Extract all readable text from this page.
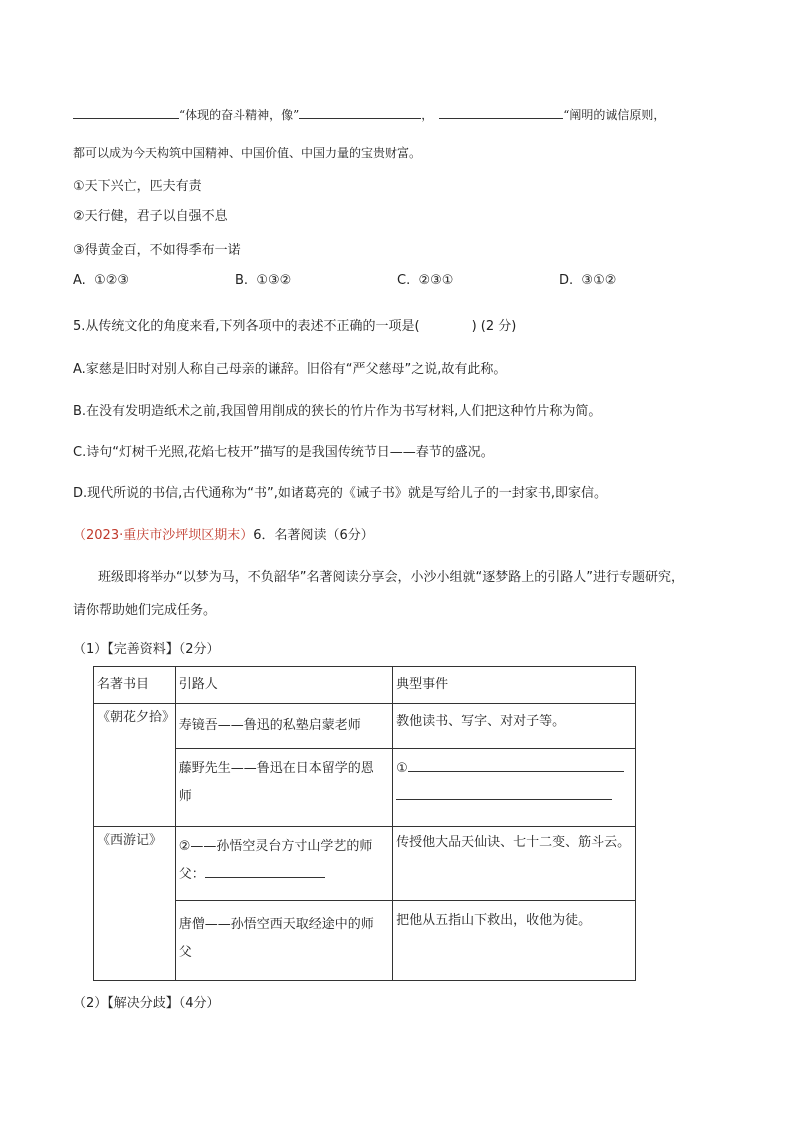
“体现的奋斗精神，像”	，	“阐明的诚信原则，
都可以成为今天构筑中国精神、中国价值、中国力量的宝贵财富。
①天下兴亡，匹夫有责
②天行健，君子以自强不息
③得黄金百，不如得季布一诺
A. ①②③	B. ①③②	C. ②③①	D. ③①②
5.从传统文化的角度来看,下列各项中的表述不正确的一项是(　　　　) (2 分)
A.家慈是旧时对别人称自己母亲的谦辞。旧俗有“严父慈母”之说,故有此称。
B.在没有发明造纸术之前,我国曾用削成的狭长的竹片作为书写材料,人们把这种竹片称为简。
C.诗句“灯树千光照,花焰七枝开”描写的是我国传统节日——春节的盛况。
D.现代所说的书信,古代通称为“书”,如诸葛亮的《诫子书》就是写给儿子的一封家书,即家信。
（2023·重庆市沙坪坝区期末）6．名著阅读（6分）
班级即将举办“以梦为马，不负韶华”名著阅读分享会，小沙小组就“逐梦路上的引路人”进行专题研究，
请你帮助她们完成任务。
（1）【完善资料】（2分）
名著书目	引路人	典型事件
《朝花夕拾》	寿镜吾——鲁迅的私塾启蒙老师	教他读书、写字、对对子等。
	藤野先生——鲁迅在日本留学的恩
师	①

《西游记》	②——孙悟空灵台方寸山学艺的师
父：	传授他大品天仙诀、七十二变、筋斗云。
	唐僧——孙悟空西天取经途中的师
父	把他从五指山下救出，收他为徒。
（2）【解决分歧】（4分）
